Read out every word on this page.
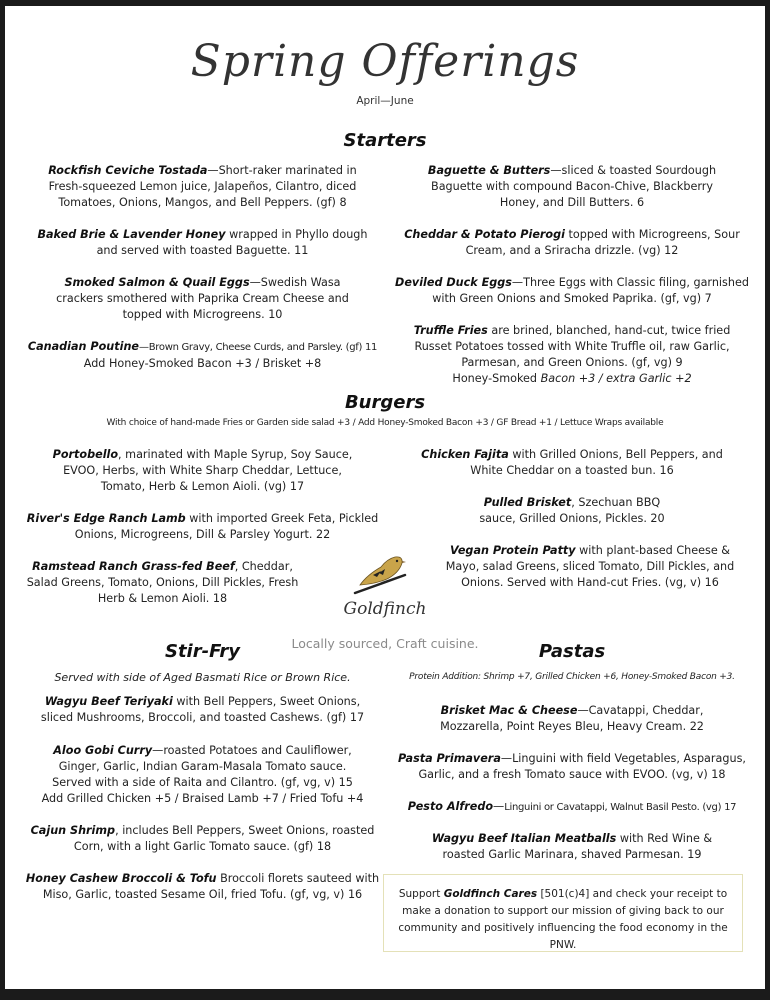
Spring Offerings
April—June
Starters
Rockfish Ceviche Tostada—Short-raker marinated in Fresh-squeezed Lemon juice, Jalapeños, Cilantro, diced Tomatoes, Onions, Mangos, and Bell Peppers. (gf) 8
Baked Brie & Lavender Honey wrapped in Phyllo dough and served with toasted Baguette. 11
Smoked Salmon & Quail Eggs—Swedish Wasa crackers smothered with Paprika Cream Cheese and topped with Microgreens. 10
Canadian Poutine—Brown Gravy, Cheese Curds, and Parsley. (gf) 11
Add Honey-Smoked Bacon +3 / Brisket +8
Baguette & Butters—sliced & toasted Sourdough Baguette with compound Bacon-Chive, Blackberry Honey, and Dill Butters. 6
Cheddar & Potato Pierogi topped with Microgreens, Sour Cream, and a Sriracha drizzle. (vg) 12
Deviled Duck Eggs—Three Eggs with Classic filing, garnished with Green Onions and Smoked Paprika. (gf, vg) 7
Truffle Fries are brined, blanched, hand-cut, twice fried Russet Potatoes tossed with White Truffle oil, raw Garlic, Parmesan, and Green Onions. (gf, vg) 9
Honey-Smoked Bacon +3 / extra Garlic +2
Burgers
With choice of hand-made Fries or Garden side salad +3 / Add Honey-Smoked Bacon +3 / GF Bread +1 / Lettuce Wraps available
Portobello, marinated with Maple Syrup, Soy Sauce, EVOO, Herbs, with White Sharp Cheddar, Lettuce, Tomato, Herb & Lemon Aioli. (vg) 17
River's Edge Ranch Lamb with imported Greek Feta, Pickled Onions, Microgreens, Dill & Parsley Yogurt. 22
Ramstead Ranch Grass-fed Beef, Cheddar, Salad Greens, Tomato, Onions, Dill Pickles, Fresh Herb & Lemon Aioli. 18
Chicken Fajita with Grilled Onions, Bell Peppers, and White Cheddar on a toasted bun. 16
Pulled Brisket, Szechuan BBQ sauce, Grilled Onions, Pickles. 20
Vegan Protein Patty with plant-based Cheese & Mayo, salad Greens, sliced Tomato, Dill Pickles, and Onions. Served with Hand-cut Fries. (vg, v) 16
Goldfinch
Locally sourced, Craft cuisine.
Stir-Fry
Served with side of Aged Basmati Rice or Brown Rice.
Wagyu Beef Teriyaki with Bell Peppers, Sweet Onions, sliced Mushrooms, Broccoli, and toasted Cashews. (gf) 17
Aloo Gobi Curry—roasted Potatoes and Cauliflower, Ginger, Garlic, Indian Garam-Masala Tomato sauce. Served with a side of Raita and Cilantro. (gf, vg, v) 15
Add Grilled Chicken +5 / Braised Lamb +7 / Fried Tofu +4
Cajun Shrimp, includes Bell Peppers, Sweet Onions, roasted Corn, with a light Garlic Tomato sauce. (gf) 18
Honey Cashew Broccoli & Tofu Broccoli florets sauteed with Miso, Garlic, toasted Sesame Oil, fried Tofu. (gf, vg, v) 16
Pastas
Protein Addition: Shrimp +7, Grilled Chicken +6, Honey-Smoked Bacon +3.
Brisket Mac & Cheese—Cavatappi, Cheddar, Mozzarella, Point Reyes Bleu, Heavy Cream. 22
Pasta Primavera—Linguini with field Vegetables, Asparagus, Garlic, and a fresh Tomato sauce with EVOO. (vg, v) 18
Pesto Alfredo—Linguini or Cavatappi, Walnut Basil Pesto. (vg) 17
Wagyu Beef Italian Meatballs with Red Wine & roasted Garlic Marinara, shaved Parmesan. 19
Support Goldfinch Cares [501(c)4] and check your receipt to make a donation to support our mission of giving back to our community and positively influencing the food economy in the PNW.
